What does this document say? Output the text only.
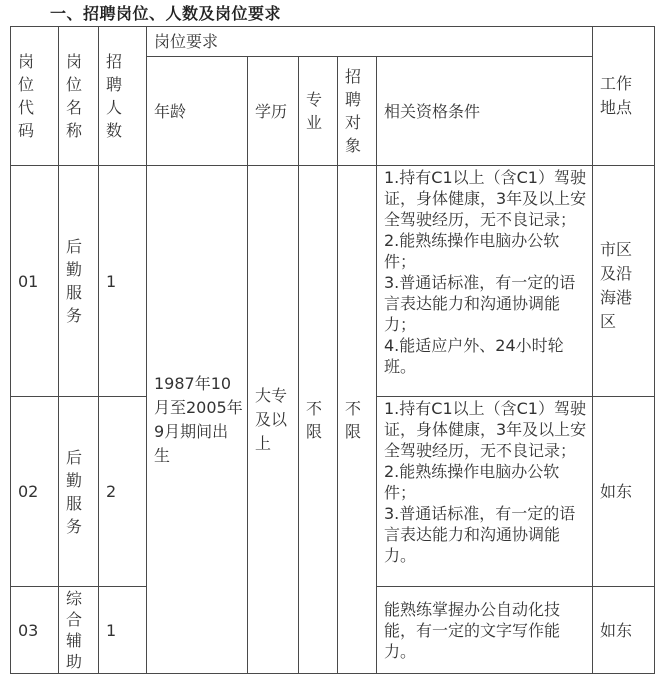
一、招聘岗位、人数及岗位要求
岗位代码
岗位名称
招聘人数
岗位要求
工作地点
年龄	学历
专业
招聘对象
相关资格条件
01
后勤服务
1
1.持有C1以上（含C1）驾驶证，身体健康，3年及以上安全驾驶经历，无不良记录；
2.能熟练操作电脑办公软件；
3.普通话标准，有一定的语言表达能力和沟通协调能力；
4.能适应户外、24小时轮班。
市区及沿海港区
1987年10月至2005年9月期间出生
大专及以上
不限
不限
02
后勤服务
2
1.持有C1以上（含C1）驾驶证，身体健康，3年及以上安全驾驶经历，无不良记录；
2.能熟练操作电脑办公软件；
3.普通话标准，有一定的语言表达能力和沟通协调能力。
如东
03
综合辅助
1
能熟练掌握办公自动化技能，有一定的文字写作能力。
如东
